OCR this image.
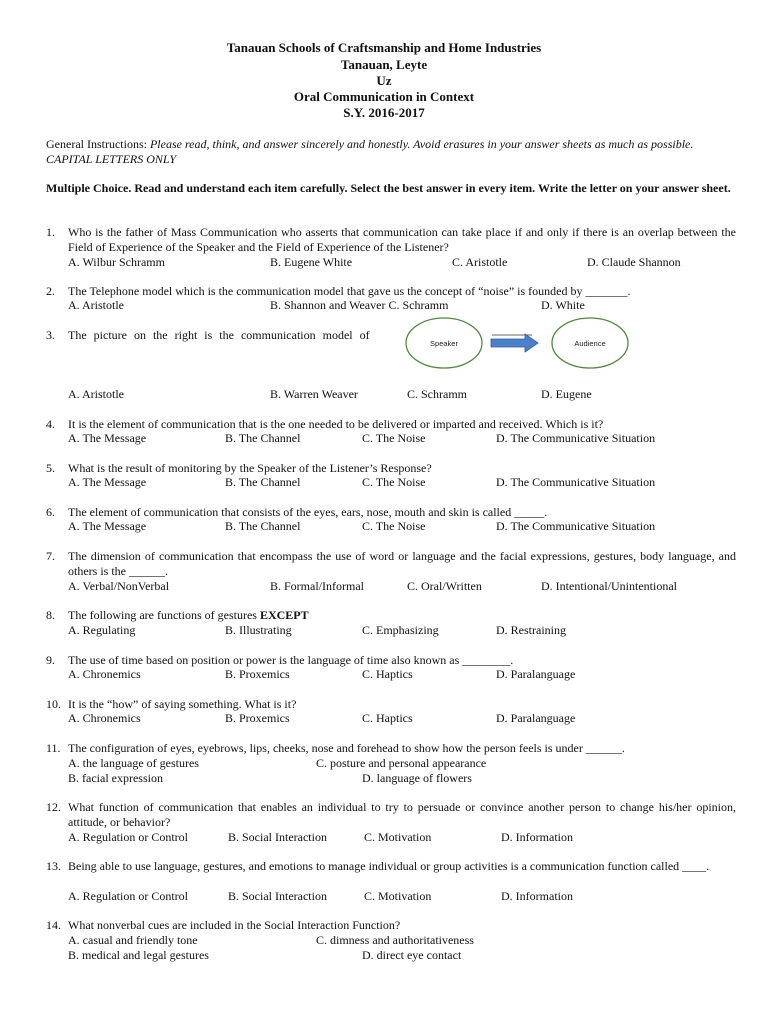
Tanauan Schools of Craftsmanship and Home Industries
Tanauan, Leyte
Uz
Oral Communication in Context
S.Y. 2016-2017
General Instructions: Please read, think, and answer sincerely and honestly. Avoid erasures in your answer sheets as much as possible. CAPITAL LETTERS ONLY
Multiple Choice. Read and understand each item carefully. Select the best answer in every item. Write the letter on your answer sheet.
1. Who is the father of Mass Communication who asserts that communication can take place if and only if there is an overlap between the Field of Experience of the Speaker and the Field of Experience of the Listener?
A. Wilbur Schramm	B. Eugene White	C. Aristotle	D. Claude Shannon
2. The Telephone model which is the communication model that gave us the concept of “noise” is founded by _______.
A. Aristotle	B. Shannon and Weaver C. Schramm	D. White
3. The picture on the right is the communication model of
Speaker	Audience
A. Aristotle	B. Warren Weaver	C. Schramm	D. Eugene
4. It is the element of communication that is the one needed to be delivered or imparted and received. Which is it?
A. The Message	B. The Channel	C. The Noise	D. The Communicative Situation
5. What is the result of monitoring by the Speaker of the Listener’s Response?
A. The Message	B. The Channel	C. The Noise	D. The Communicative Situation
6. The element of communication that consists of the eyes, ears, nose, mouth and skin is called _____.
A. The Message	B. The Channel	C. The Noise	D. The Communicative Situation
7. The dimension of communication that encompass the use of word or language and the facial expressions, gestures, body language, and others is the ______.
A. Verbal/NonVerbal	B. Formal/Informal	C. Oral/Written	D. Intentional/Unintentional
8. The following are functions of gestures EXCEPT
A. Regulating	B. Illustrating	C. Emphasizing	D. Restraining
9. The use of time based on position or power is the language of time also known as ________.
A. Chronemics	B. Proxemics	C. Haptics	D. Paralanguage
10. It is the “how” of saying something. What is it?
A. Chronemics	B. Proxemics	C. Haptics	D. Paralanguage
11. The configuration of eyes, eyebrows, lips, cheeks, nose and forehead to show how the person feels is under ______.
A. the language of gestures	C. posture and personal appearance
B. facial expression	D. language of flowers
12. What function of communication that enables an individual to try to persuade or convince another person to change his/her opinion, attitude, or behavior?
A. Regulation or Control	B. Social Interaction	C. Motivation	D. Information
13. Being able to use language, gestures, and emotions to manage individual or group activities is a communication function called ____.
A. Regulation or Control	B. Social Interaction	C. Motivation	D. Information
14. What nonverbal cues are included in the Social Interaction Function?
A. casual and friendly tone	C. dimness and authoritativeness
B. medical and legal gestures	D. direct eye contact
